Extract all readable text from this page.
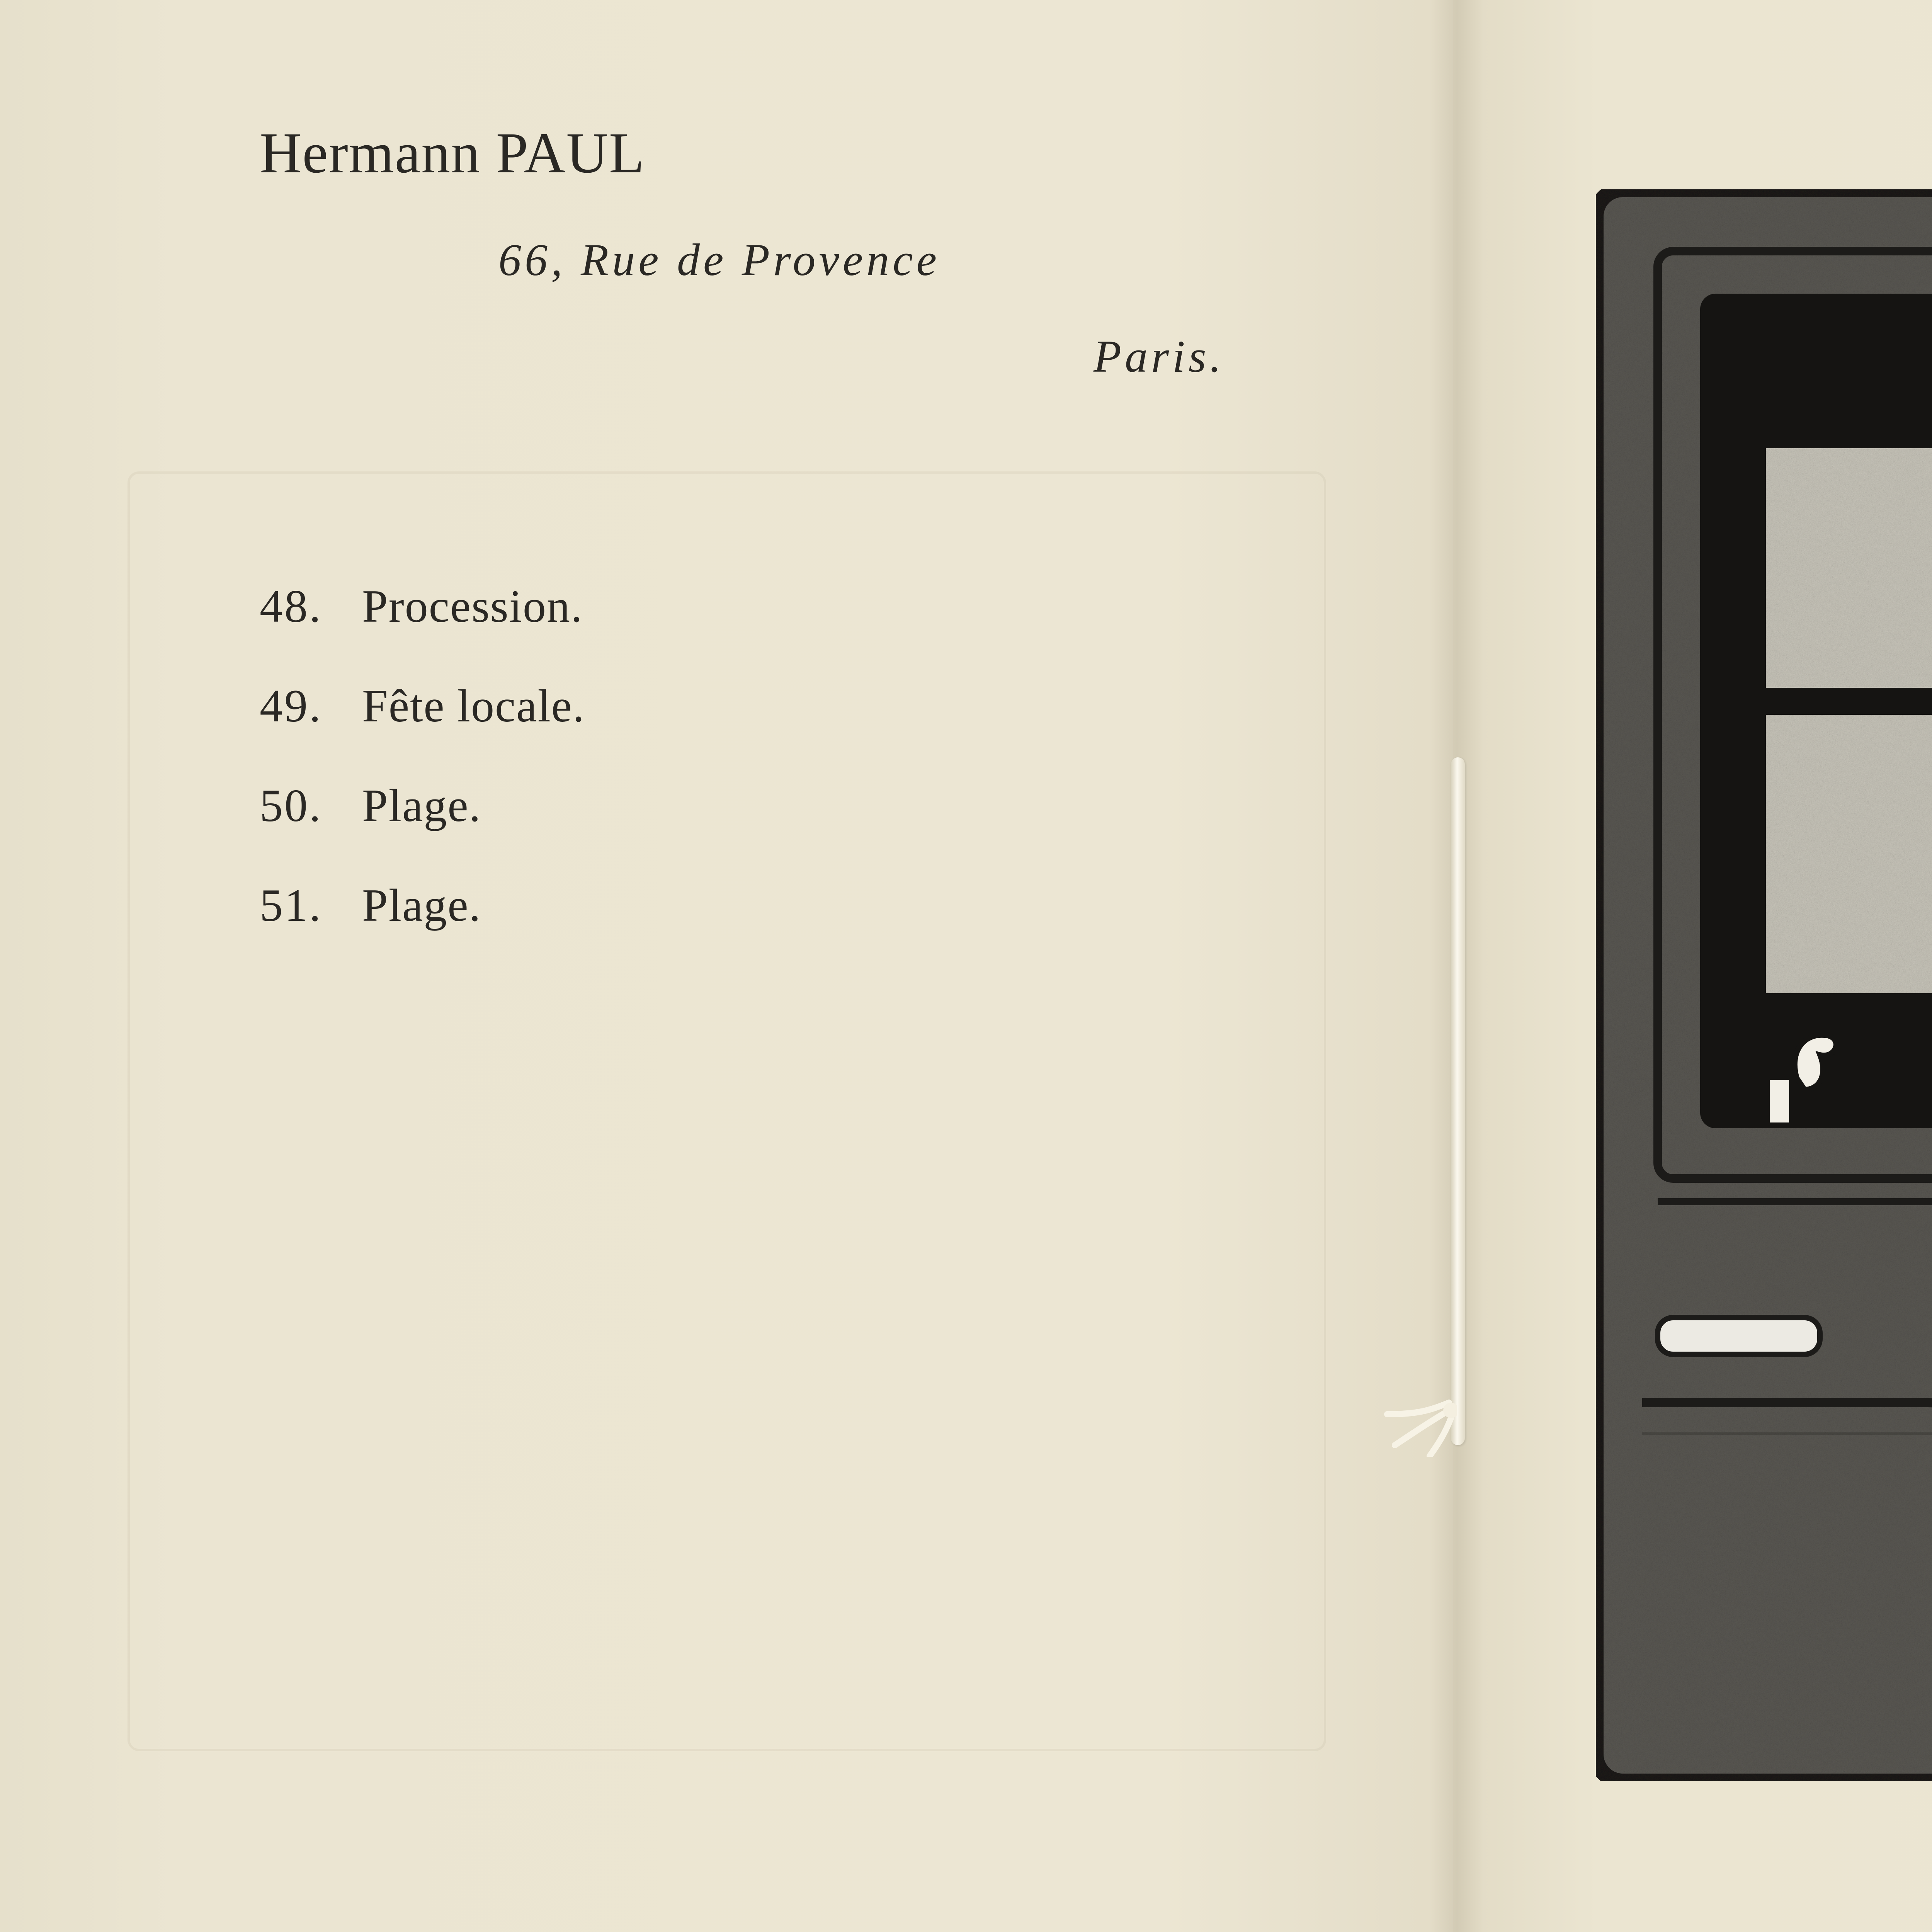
Hermann PAUL
66, Rue de Provence
Paris.
48. Procession.
49. Fête locale.
50. Plage.
51. Plage.
